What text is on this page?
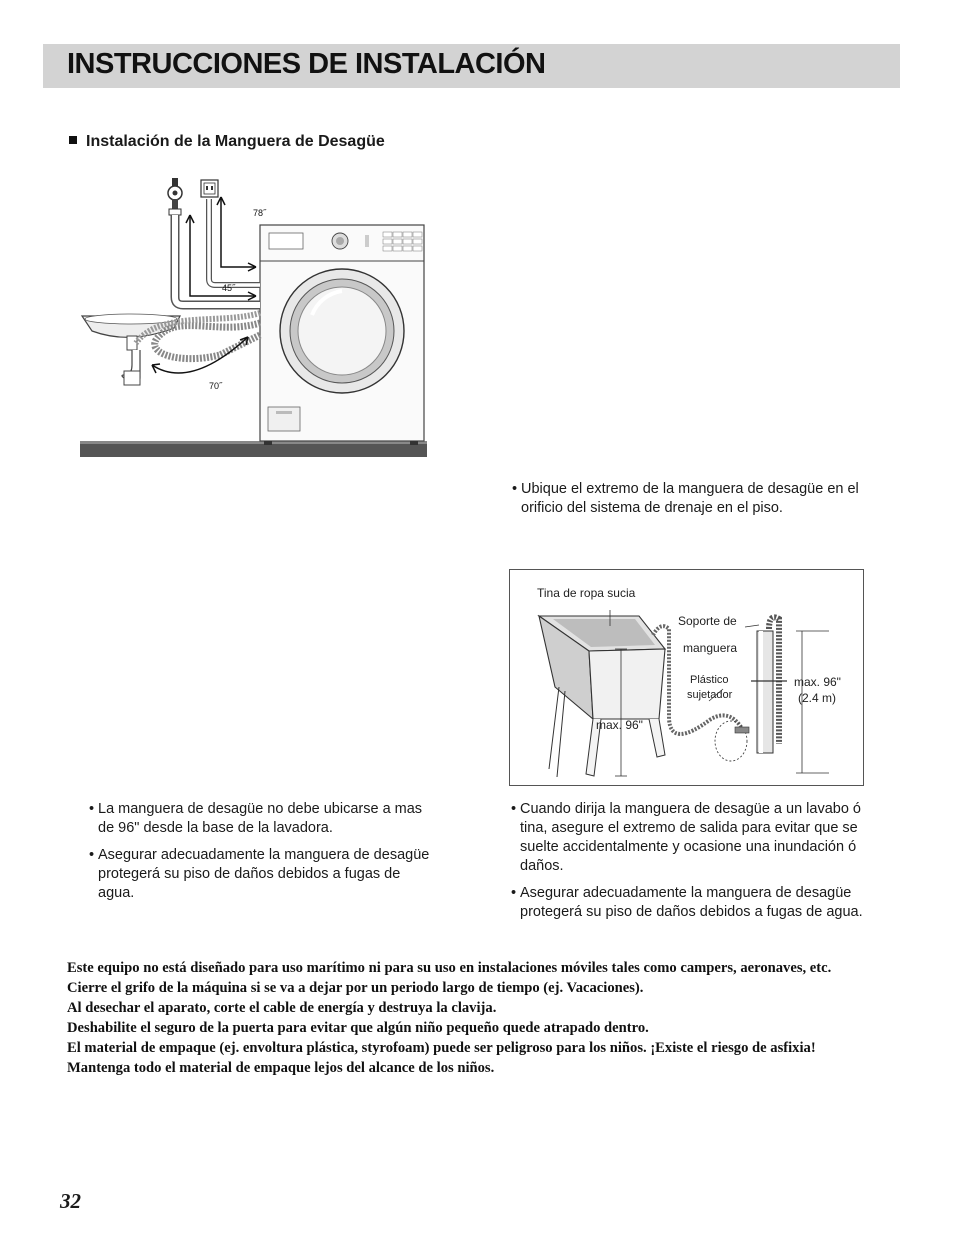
INSTRUCCIONES DE INSTALACIÓN
Instalación de la Manguera de Desagüe
78˝
45˝
70˝
• Ubique el extremo de la manguera de desagüe en el orificio del sistema de drenaje en el piso.
Tina de ropa sucia
Soporte de
manguera
Plástico
sujetador
max. 96"
max. 96"
(2.4 m)
• La manguera de desagüe no debe ubicarse a mas de 96" desde la base de la lavadora.
• Asegurar adecuadamente la manguera de desagüe protegerá su piso de daños debidos a fugas de agua.
• Cuando dirija la manguera de desagüe a un lavabo ó tina, asegure el extremo de salida para evitar que se suelte accidentalmente y ocasione una inundación ó daños.
• Asegurar adecuadamente la manguera de desagüe protegerá su piso de daños debidos a fugas de agua.

Este equipo no está diseñado para uso marítimo ni para su uso en instalaciones móviles tales como campers, aeronaves, etc.

Cierre el grifo de la máquina si se va a dejar por un periodo largo de tiempo (ej. Vacaciones).

Al desechar el aparato, corte el cable de energía y destruya la clavija.

Deshabilite el seguro de la puerta para evitar que algún niño pequeño quede atrapado dentro.

El material de empaque (ej. envoltura plástica, styrofoam) puede ser peligroso para los niños. ¡Existe el riesgo de asfixia! Mantenga todo el material de empaque lejos del alcance de los niños.

32
